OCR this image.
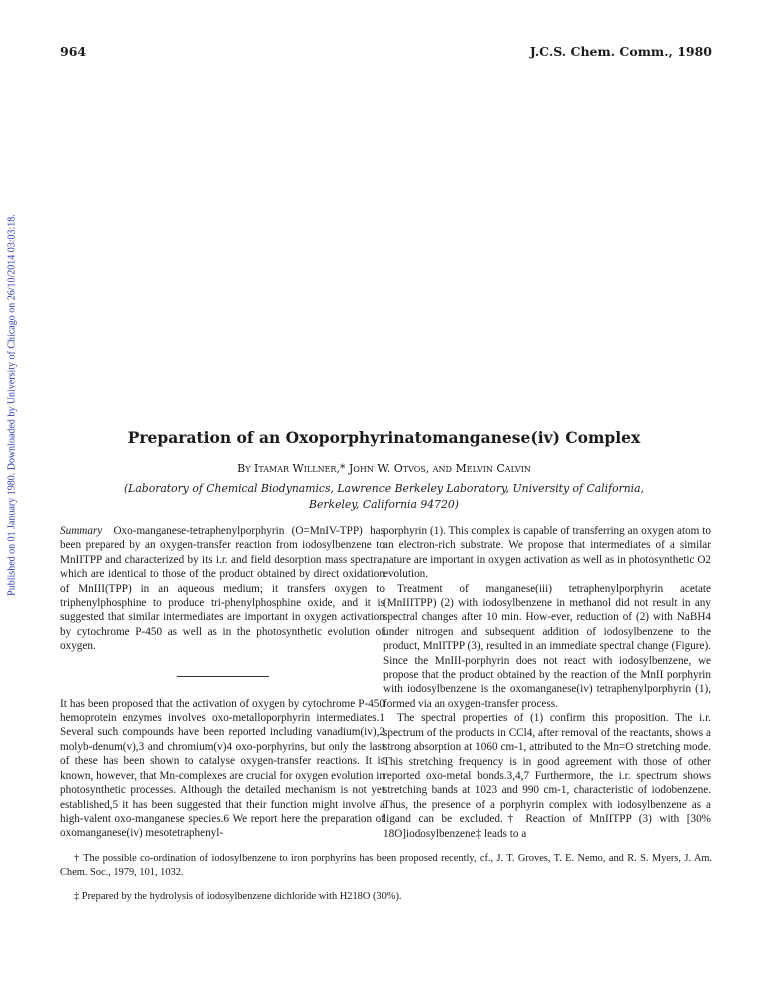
964	J.C.S. Chem. Comm., 1980
Published on 01 January 1980. Downloaded by University of Chicago on 26/10/2014 03:03:18.	Preparation of an Oxoporphyrinatomanganese(iv) Complex
By Itamar Willner,* John W. Otvos, and Melvin Calvin
(Laboratory of Chemical Biodynamics, Lawrence Berkeley Laboratory, University of California, Berkeley, California 94720)

Summary  Oxo-manganese-tetraphenylporphyrin (O=MnIV-TPP) has been prepared by an oxygen-transfer reaction from iodosylbenzene to MnIITPP and characterized by its i.r. and field desorption mass spectra, which are identical to those of the product obtained by direct oxidation of MnIII(TPP) in an aqueous medium; it transfers oxygen to triphenylphosphine to produce tri-phenylphosphine oxide, and it is suggested that similar intermediates are important in oxygen activation by cytochrome P-450 as well as in the photosynthetic evolution of oxygen.

It has been proposed that the activation of oxygen by cytochrome P-450 hemoprotein enzymes involves oxo-metalloporphyrin intermediates.1 Several such compounds have been reported including vanadium(iv),2 molyb-denum(v),3 and chromium(v)4 oxo-porphyrins, but only the last of these has been shown to catalyse oxygen-transfer reactions. It is known, however, that Mn-complexes are crucial for oxygen evolution in photosynthetic processes. Although the detailed mechanism is not yet established,5 it has been suggested that their function might involve a high-valent oxo-manganese species.6 We report here the preparation of oxomanganese(iv) mesotetraphenyl-

porphyrin (1). This complex is capable of transferring an oxygen atom to an electron-rich substrate. We propose that intermediates of a similar nature are important in oxygen activation as well as in photosynthetic O2 evolution.

Treatment of manganese(iii) tetraphenylporphyrin acetate (MnIIITPP) (2) with iodosylbenzene in methanol did not result in any spectral changes after 10 min. How-ever, reduction of (2) with NaBH4 under nitrogen and subsequent addition of iodosylbenzene to the product, MnIITPP (3), resulted in an immediate spectral change (Figure). Since the MnIII-porphyrin does not react with iodosylbenzene, we propose that the product obtained by the reaction of the MnII porphyrin with iodosylbenzene is the oxomanganese(iv) tetraphenylporphyrin (1), formed via an oxygen-transfer process.

The spectral properties of (1) confirm this proposition. The i.r. spectrum of the products in CCl4, after removal of the reactants, shows a strong absorption at 1060 cm-1, attributed to the Mn=O stretching mode. This stretching frequency is in good agreement with those of other reported oxo-metal bonds.3,4,7 Furthermore, the i.r. spectrum shows stretching bands at 1023 and 990 cm-1, characteristic of iodobenzene. Thus, the presence of a porphyrin complex with iodosylbenzene as a ligand can be excluded.† Reaction of MnIITPP (3) with [30% 18O]iodosylbenzene‡ leads to a

† The possible co-ordination of iodosylbenzene to iron porphyrins has been proposed recently, cf., J. T. Groves, T. E. Nemo, and R. S. Myers, J. Am. Chem. Soc., 1979, 101, 1032.

‡ Prepared by the hydrolysis of iodosylbenzene dichloride with H218O (30%).
